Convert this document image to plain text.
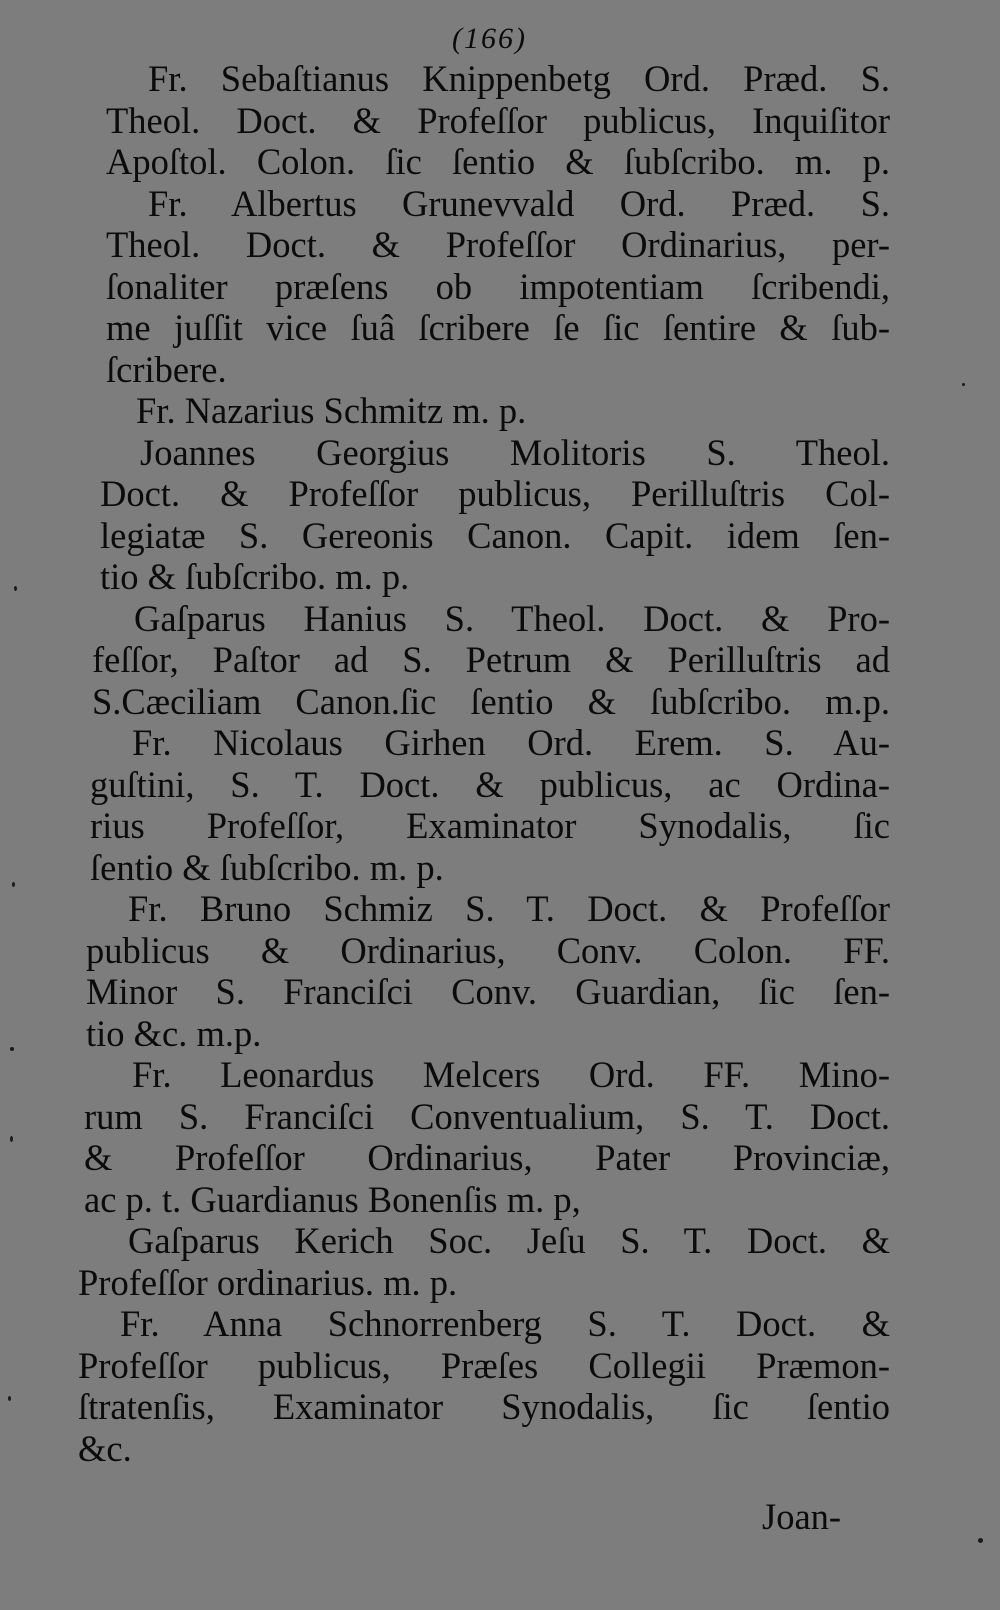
(166)
Fr. Sebaſtianus Knippenbetg Ord. Præd. S.
Theol. Doct. & Profeſſor publicus, Inquiſitor
Apoſtol. Colon. ſic ſentio & ſubſcribo. m. p.
Fr. Albertus Grunevvald Ord. Præd. S.
Theol. Doct. & Profeſſor Ordinarius, per-
ſonaliter præſens ob impotentiam ſcribendi,
me juſſit vice ſuâ ſcribere ſe ſic ſentire & ſub-
ſcribere.
Fr. Nazarius Schmitz m. p.
Joannes Georgius Molitoris S. Theol.
Doct. & Profeſſor publicus, Perilluſtris Col-
legiatæ S. Gereonis Canon. Capit. idem ſen-
tio & ſubſcribo. m. p.
Gaſparus Hanius S. Theol. Doct. & Pro-
feſſor, Paſtor ad S. Petrum & Perilluſtris ad
S.Cæciliam Canon.ſic ſentio & ſubſcribo. m.p.
Fr. Nicolaus Girhen Ord. Erem. S. Au-
guſtini, S. T. Doct. & publicus, ac Ordina-
rius Profeſſor, Examinator Synodalis, ſic
ſentio & ſubſcribo. m. p.
Fr. Bruno Schmiz S. T. Doct. & Profeſſor
publicus & Ordinarius, Conv. Colon. FF.
Minor S. Franciſci Conv. Guardian, ſic ſen-
tio &c. m.p.
Fr. Leonardus Melcers Ord. FF. Mino-
rum S. Franciſci Conventualium, S. T. Doct.
& Profeſſor Ordinarius, Pater Provinciæ,
ac p. t. Guardianus Bonenſis m. p,
Gaſparus Kerich Soc. Jeſu S. T. Doct. &
Profeſſor ordinarius. m. p.
Fr. Anna Schnorrenberg S. T. Doct. &
Profeſſor publicus, Præſes Collegii Præmon-
ſtratenſis, Examinator Synodalis, ſic ſentio
&c.
Joan-
